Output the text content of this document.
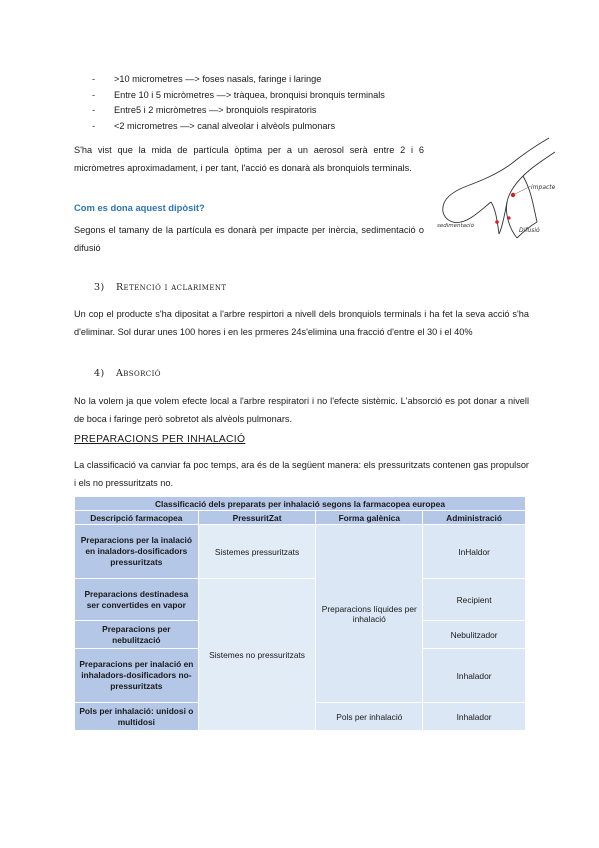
- >10 micrometres —> foses nasals, faringe i laringe
- Entre 10 i 5 micròmetres —> tràquea, bronquisi bronquis terminals
- Entre5 i 2 micròmetres —> bronquiols respiratoris
- <2 micrometres —> canal alveolar i alvèols pulmonars
S'ha vist que la mida de partícula òptima per a un aerosol serà entre 2 i 6 micròmetres aproximadament, i per tant, l'acció es donarà als bronquiols terminals.
Com es dona aquest dipòsit?
Segons el tamany de la partícula es donarà per impacte per inèrcia, sedimentació o difusió
impacte
sedimentació
Difusió
3) Retenció i aclariment
Un cop el producte s'ha dipositat a l'arbre respirtori a nivell dels bronquiols terminals i ha fet la seva acció s'ha d'eliminar. Sol durar unes 100 hores i en les prmeres 24s'elimina una fracció d'entre el 30 i el 40%
4) Absorció
No la volem ja que volem efecte local a l'arbre respiratori i no l'efecte sistèmic. L'absorció es pot donar a nivell de boca i faringe però sobretot als alvèols pulmonars.
PREPARACIONS PER INHALACIÓ
La classificació va canviar fa poc temps, ara és de la següent manera: els pressuritzats contenen gas propulsor i els no pressuritzats no.
Classificació dels preparats per inhalació segons la farmacopea europea			
Descripció farmacopea	PressuritZat	Forma galènica	Administració
Preparacions per la inalació en inaladors-dosificadors pressuritzats	Sistemes pressuritzats	Preparacions líquides per inhalació	InHaldor
Preparacions destinadesa ser convertides en vapor	Sistemes no pressuritzats		Recipient
Preparacions per nebulització			Nebulitzador
Preparacions per inalació en inhaladors-dosificadors no-pressuritzats			Inhalador
Pols per inhalació: unidosi o multidosi		Pols per inhalació	Inhalador
